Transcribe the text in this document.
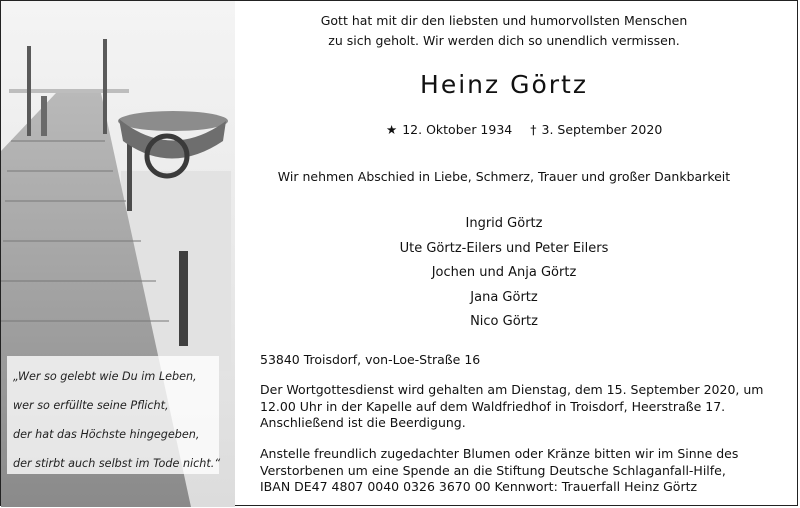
„Wer so gelebt wie Du im Leben,
wer so erfüllte seine Pflicht,
der hat das Höchste hingegeben,
der stirbt auch selbst im Tode nicht.“
Gott hat mit dir den liebsten und humorvollsten Menschen
zu sich geholt. Wir werden dich so unendlich vermissen.
Heinz Görtz
★ 12. Oktober 1934 † 3. September 2020
Wir nehmen Abschied in Liebe, Schmerz, Trauer und großer Dankbarkeit
Ingrid Görtz
Ute Görtz-Eilers und Peter Eilers
Jochen und Anja Görtz
Jana Görtz
Nico Görtz
53840 Troisdorf, von-Loe-Straße 16
Der Wortgottesdienst wird gehalten am Dienstag, dem 15. September 2020, um
12.00 Uhr in der Kapelle auf dem Waldfriedhof in Troisdorf, Heerstraße 17.
Anschließend ist die Beerdigung.
Anstelle freundlich zugedachter Blumen oder Kränze bitten wir im Sinne des
Verstorbenen um eine Spende an die Stiftung Deutsche Schlaganfall-Hilfe,
IBAN DE47 4807 0040 0326 3670 00 Kennwort: Trauerfall Heinz Görtz
